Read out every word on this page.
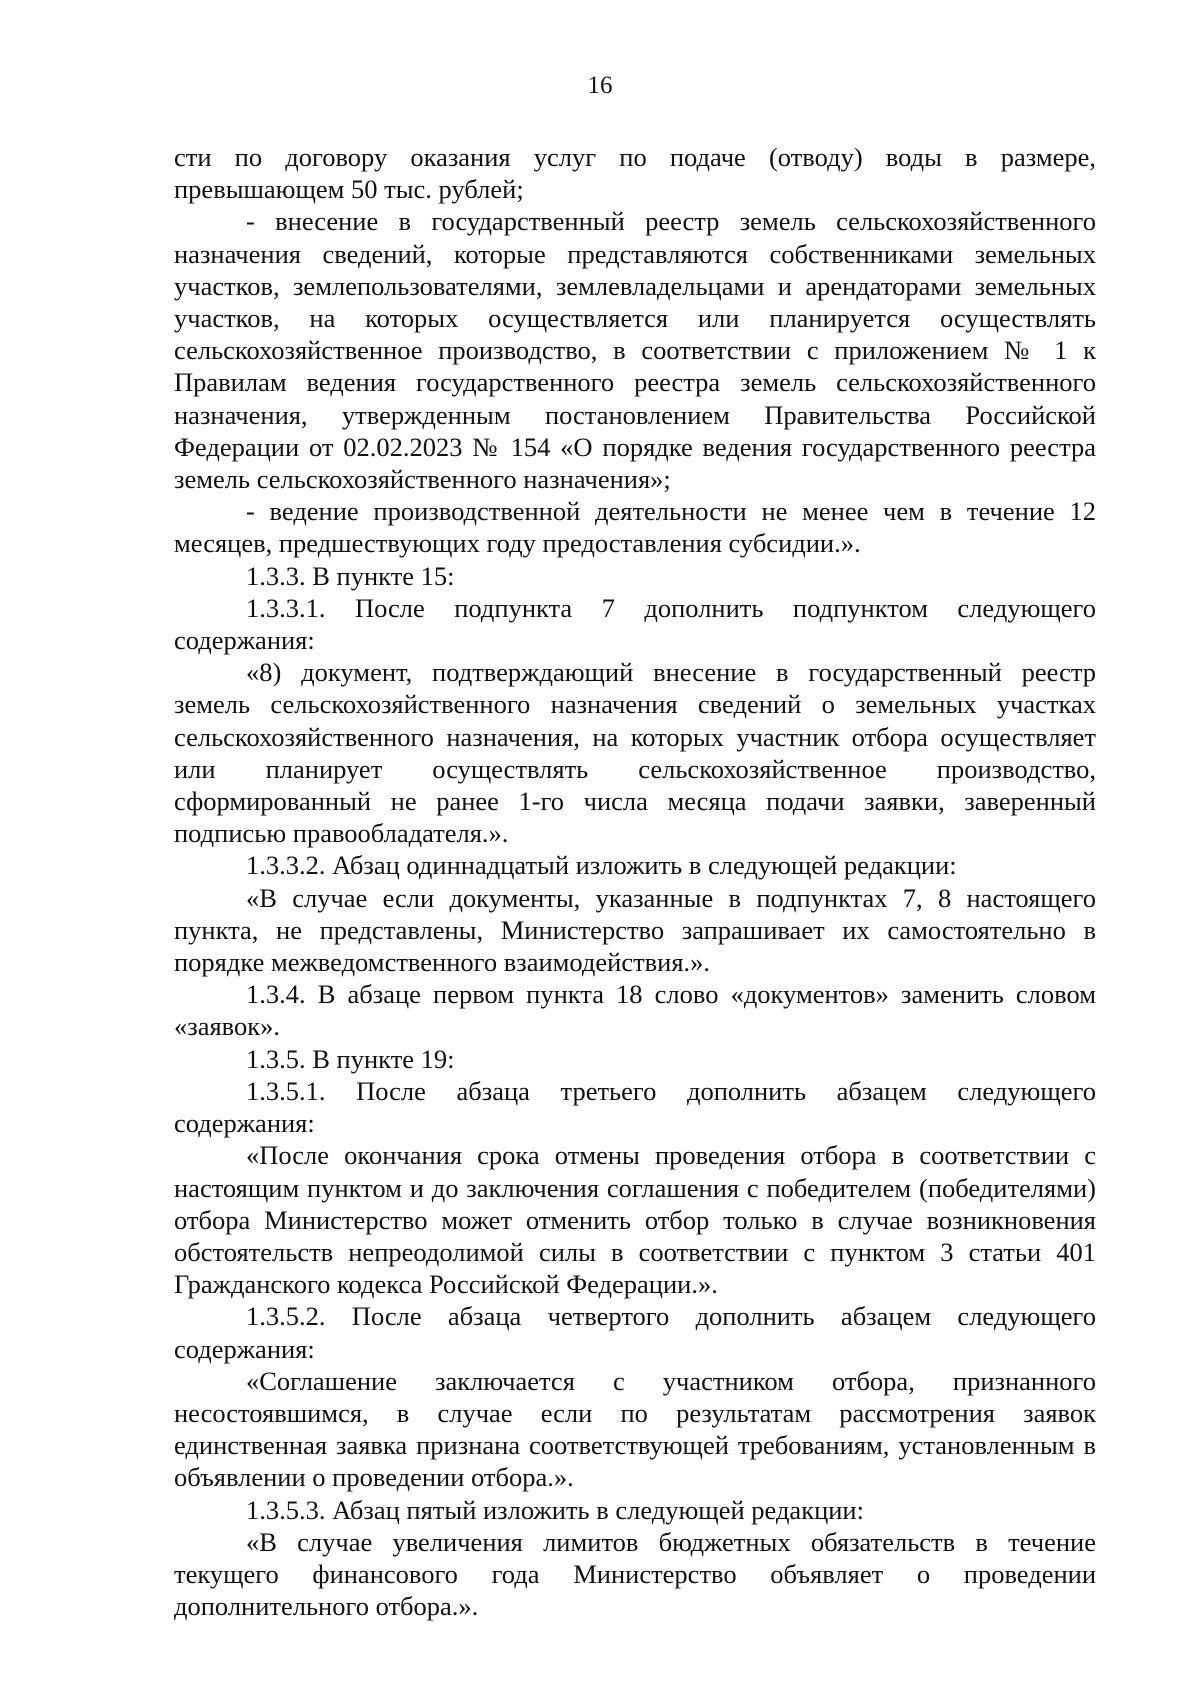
16

сти по договору оказания услуг по подаче (отводу) воды в размере, превышающем 50 тыс. рублей;

- внесение в государственный реестр земель сельскохозяйственного назначения сведений, которые представляются собственниками земельных участков, землепользователями, землевладельцами и арендаторами земельных участков, на которых осуществляется или планируется осуществлять сельскохозяйственное производство, в соответствии с приложением № 1 к Правилам ведения государственного реестра земель сельскохозяйственного назначения, утвержденным постановлением Правительства Российской Федерации от 02.02.2023 № 154 «О порядке ведения государственного реестра земель сельскохозяйственного назначения»;

- ведение производственной деятельности не менее чем в течение 12 месяцев, предшествующих году предоставления субсидии.».

1.3.3. В пункте 15:

1.3.3.1. После подпункта 7 дополнить подпунктом следующего содержания:

«8) документ, подтверждающий внесение в государственный реестр земель сельскохозяйственного назначения сведений о земельных участках сельскохозяйственного назначения, на которых участник отбора осуществляет или планирует осуществлять сельскохозяйственное производство, сформированный не ранее 1-го числа месяца подачи заявки, заверенный подписью правообладателя.».

1.3.3.2. Абзац одиннадцатый изложить в следующей редакции:

«В случае если документы, указанные в подпунктах 7, 8 настоящего пункта, не представлены, Министерство запрашивает их самостоятельно в порядке межведомственного взаимодействия.».

1.3.4. В абзаце первом пункта 18 слово «документов» заменить словом «заявок».

1.3.5. В пункте 19:

1.3.5.1. После абзаца третьего дополнить абзацем следующего содержания:

«После окончания срока отмены проведения отбора в соответствии с настоящим пунктом и до заключения соглашения с победителем (победителями) отбора Министерство может отменить отбор только в случае возникновения обстоятельств непреодолимой силы в соответствии с пунктом 3 статьи 401 Гражданского кодекса Российской Федерации.».

1.3.5.2. После абзаца четвертого дополнить абзацем следующего содержания:

«Соглашение заключается с участником отбора, признанного несостоявшимся, в случае если по результатам рассмотрения заявок единственная заявка признана соответствующей требованиям, установленным в объявлении о проведении отбора.».

1.3.5.3. Абзац пятый изложить в следующей редакции:

«В случае увеличения лимитов бюджетных обязательств в течение текущего финансового года Министерство объявляет о проведении дополнительного отбора.».
